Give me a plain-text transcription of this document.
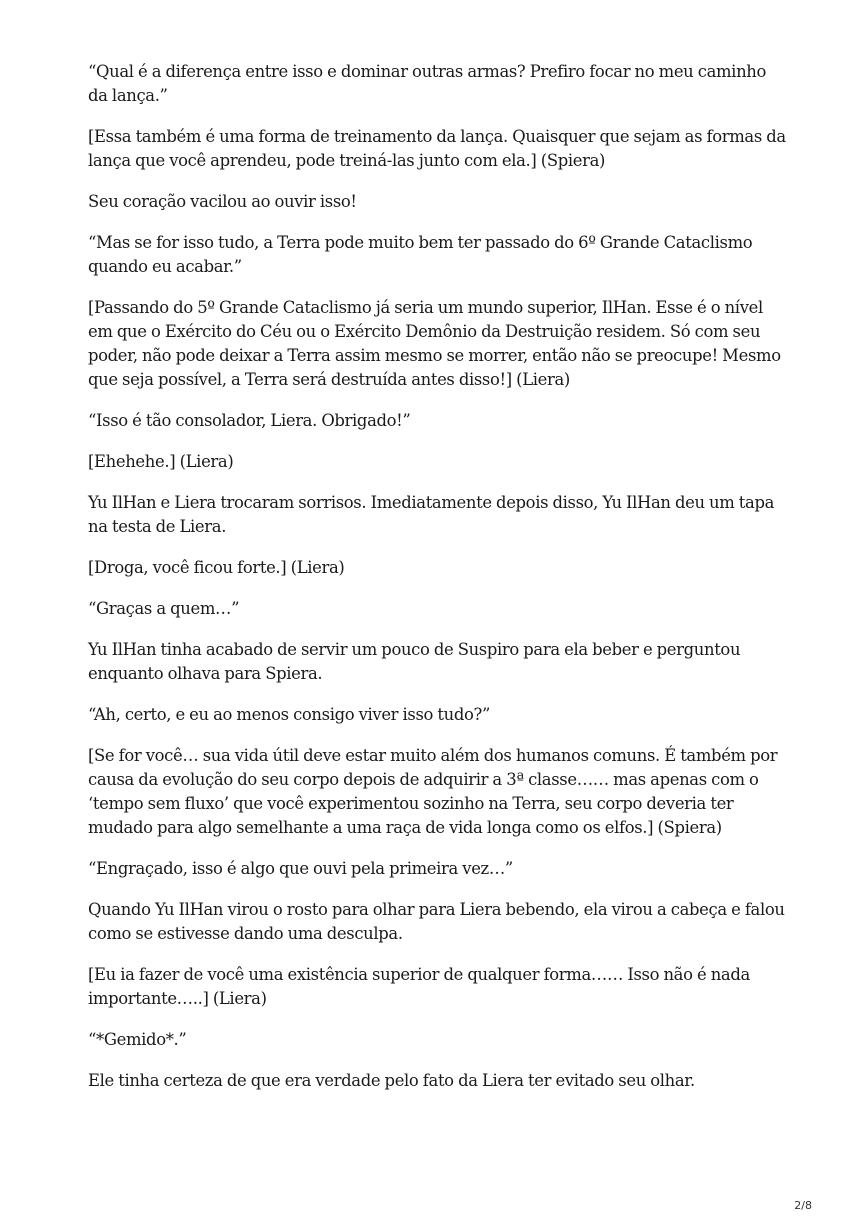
“Qual é a diferença entre isso e dominar outras armas? Prefiro focar no meu caminho da lança.”

[Essa também é uma forma de treinamento da lança. Quaisquer que sejam as formas da lança que você aprendeu, pode treiná-las junto com ela.] (Spiera)

Seu coração vacilou ao ouvir isso!

“Mas se for isso tudo, a Terra pode muito bem ter passado do 6º Grande Cataclismo quando eu acabar.”

[Passando do 5º Grande Cataclismo já seria um mundo superior, IlHan. Esse é o nível em que o Exército do Céu ou o Exército Demônio da Destruição residem. Só com seu poder, não pode deixar a Terra assim mesmo se morrer, então não se preocupe! Mesmo que seja possível, a Terra será destruída antes disso!] (Liera)

“Isso é tão consolador, Liera. Obrigado!”

[Ehehehe.] (Liera)

Yu IlHan e Liera trocaram sorrisos. Imediatamente depois disso, Yu IlHan deu um tapa na testa de Liera.

[Droga, você ficou forte.] (Liera)

“Graças a quem…”

Yu IlHan tinha acabado de servir um pouco de Suspiro para ela beber e perguntou enquanto olhava para Spiera.

“Ah, certo, e eu ao menos consigo viver isso tudo?”

[Se for você… sua vida útil deve estar muito além dos humanos comuns. É também por causa da evolução do seu corpo depois de adquirir a 3ª classe…… mas apenas com o ‘tempo sem fluxo’ que você experimentou sozinho na Terra, seu corpo deveria ter mudado para algo semelhante a uma raça de vida longa como os elfos.] (Spiera)

“Engraçado, isso é algo que ouvi pela primeira vez…”

Quando Yu IlHan virou o rosto para olhar para Liera bebendo, ela virou a cabeça e falou como se estivesse dando uma desculpa.

[Eu ia fazer de você uma existência superior de qualquer forma…… Isso não é nada importante…..] (Liera)

“*Gemido*.”

Ele tinha certeza de que era verdade pelo fato da Liera ter evitado seu olhar.

2/8
